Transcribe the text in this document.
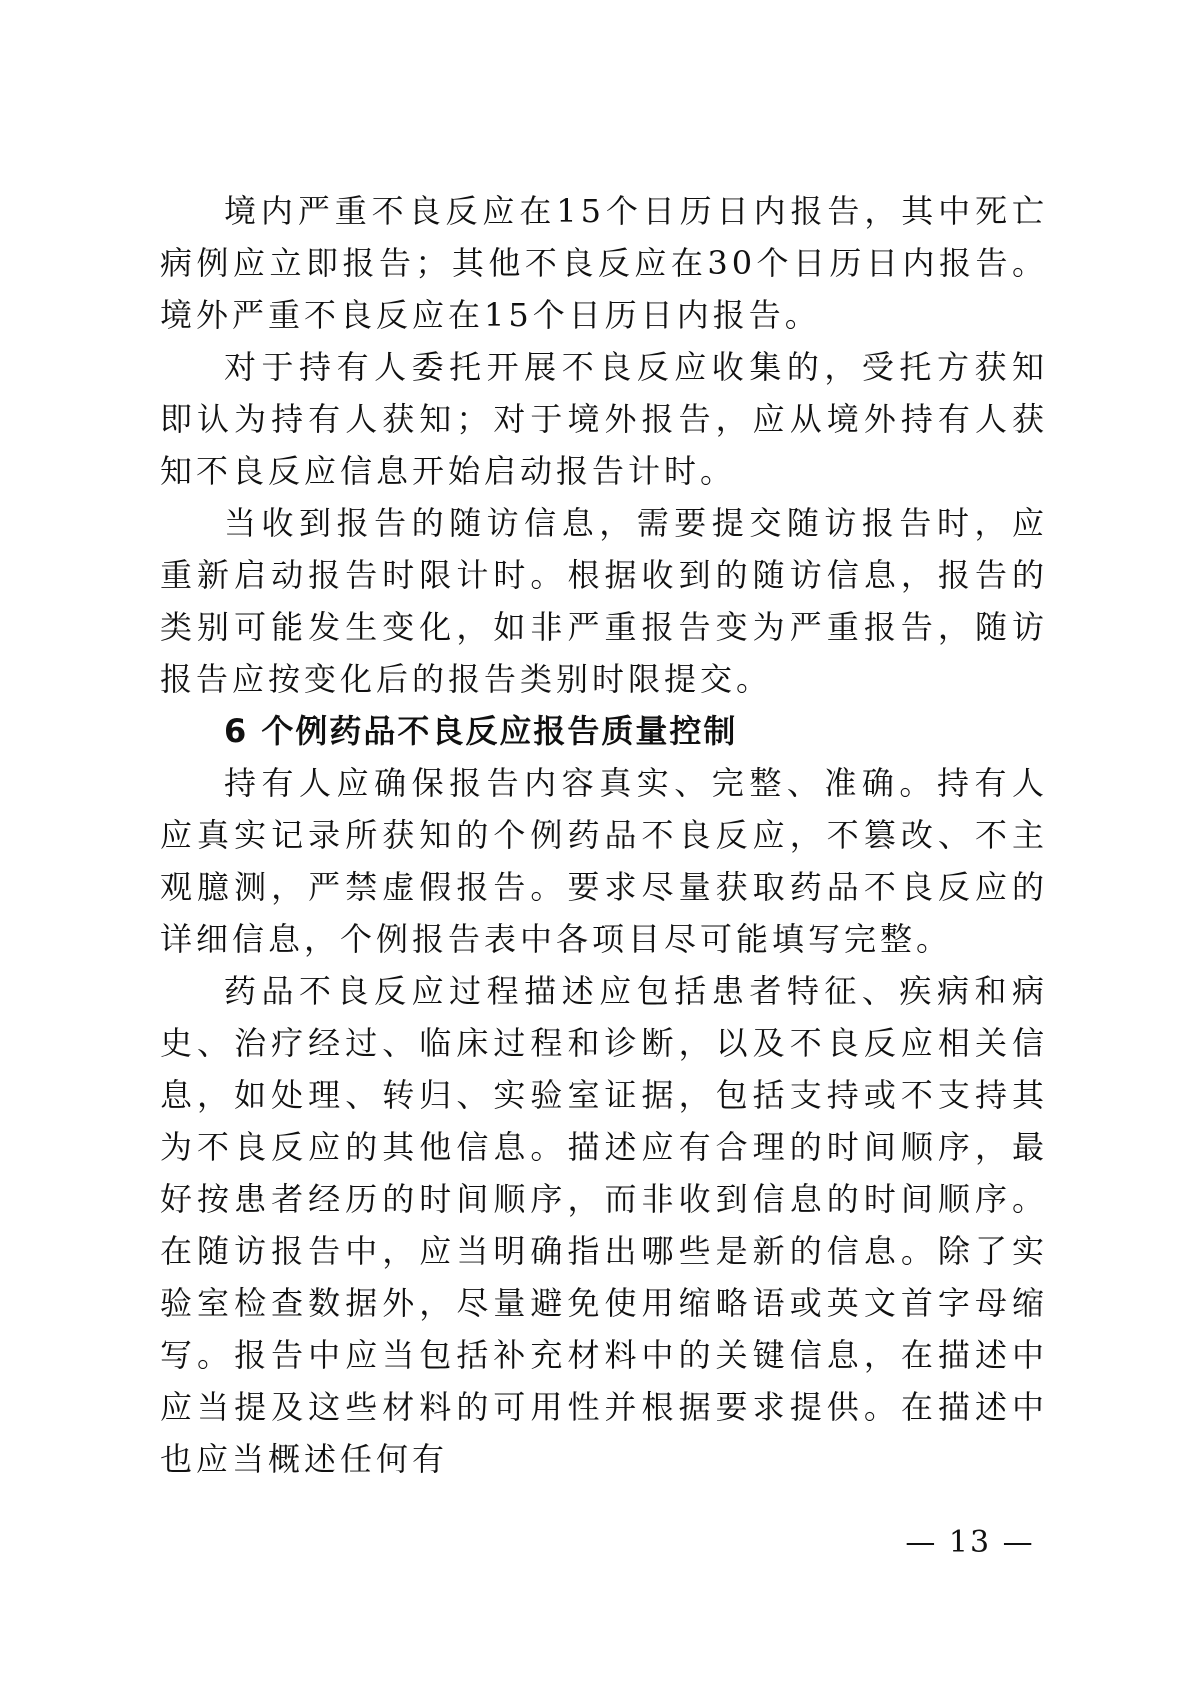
境内严重不良反应在15个日历日内报告，其中死亡病例应立即报告；其他不良反应在30个日历日内报告。境外严重不良反应在15个日历日内报告。

对于持有人委托开展不良反应收集的，受托方获知即认为持有人获知；对于境外报告，应从境外持有人获知不良反应信息开始启动报告计时。

当收到报告的随访信息，需要提交随访报告时，应重新启动报告时限计时。根据收到的随访信息，报告的类别可能发生变化，如非严重报告变为严重报告，随访报告应按变化后的报告类别时限提交。

6 个例药品不良反应报告质量控制

持有人应确保报告内容真实、完整、准确。持有人应真实记录所获知的个例药品不良反应，不篡改、不主观臆测，严禁虚假报告。要求尽量获取药品不良反应的详细信息，个例报告表中各项目尽可能填写完整。

药品不良反应过程描述应包括患者特征、疾病和病史、治疗经过、临床过程和诊断，以及不良反应相关信息，如处理、转归、实验室证据，包括支持或不支持其为不良反应的其他信息。描述应有合理的时间顺序，最好按患者经历的时间顺序，而非收到信息的时间顺序。在随访报告中，应当明确指出哪些是新的信息。除了实验室检查数据外，尽量避免使用缩略语或英文首字母缩写。报告中应当包括补充材料中的关键信息，在描述中应当提及这些材料的可用性并根据要求提供。在描述中也应当概述任何有

— 13 —
